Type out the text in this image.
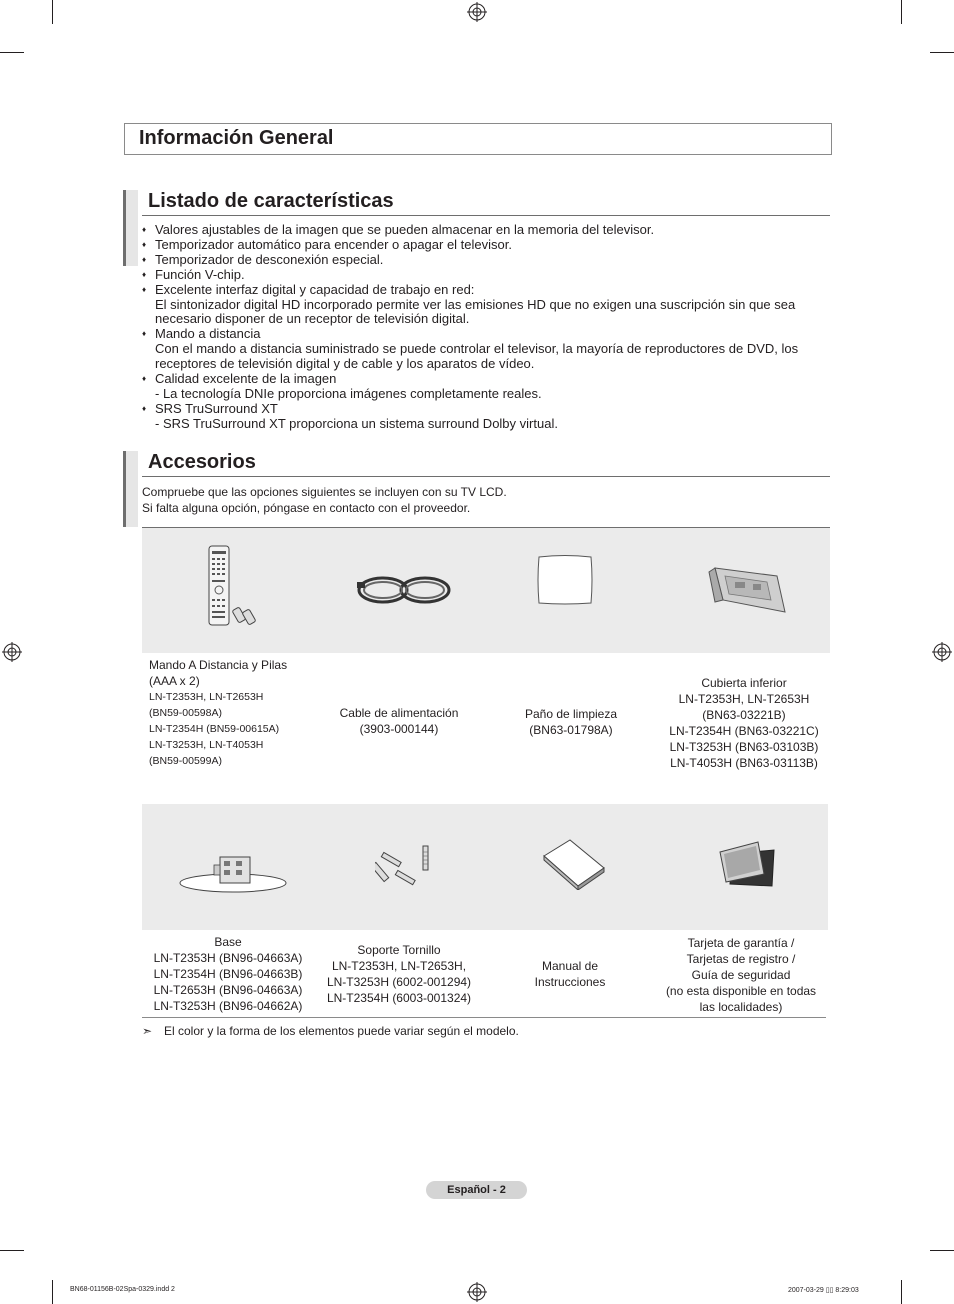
Información General
Listado de características
♦ Valores ajustables de la imagen que se pueden almacenar en la memoria del televisor.
♦ Temporizador automático para encender o apagar el televisor.
♦ Temporizador de desconexión especial.
♦ Función V-chip.
♦ Excelente interfaz digital y capacidad de trabajo en red:
El sintonizador digital HD incorporado permite ver las emisiones HD que no exigen una suscripción sin que sea necesario disponer de un receptor de televisión digital.
♦ Mando a distancia
Con el mando a distancia suministrado se puede controlar el televisor, la mayoría de reproductores de DVD, los receptores de televisión digital y de cable y los aparatos de vídeo.
♦ Calidad excelente de la imagen
- La tecnología DNIe proporciona imágenes completamente reales.
♦ SRS TruSurround XT
- SRS TruSurround XT proporciona un sistema surround Dolby virtual.
Accesorios
Compruebe que las opciones siguientes se incluyen con su TV LCD.
Si falta alguna opción, póngase en contacto con el proveedor.
Mando A Distancia y Pilas
(AAA x 2)
LN-T2353H, LN-T2653H
(BN59-00598A)
LN-T2354H (BN59-00615A)
LN-T3253H, LN-T4053H
(BN59-00599A)
Cable de alimentación
(3903-000144)
Paño de limpieza
(BN63-01798A)
Cubierta inferior
LN-T2353H, LN-T2653H
(BN63-03221B)
LN-T2354H (BN63-03221C)
LN-T3253H (BN63-03103B)
LN-T4053H (BN63-03113B)
Base
LN-T2353H (BN96-04663A)
LN-T2354H (BN96-04663B)
LN-T2653H (BN96-04663A)
LN-T3253H (BN96-04662A)
Soporte Tornillo
LN-T2353H, LN-T2653H,
LN-T3253H (6002-001294)
LN-T2354H (6003-001324)
Manual de
Instrucciones
Tarjeta de garantía /
Tarjetas de registro /
Guía de seguridad
(no esta disponible en todas
las localidades)
➣ El color y la forma de los elementos puede variar según el modelo.
Español - 2
BN68-01156B-02Spa-0329.indd 2	2007-03-29 ▯▯ 8:29:03
